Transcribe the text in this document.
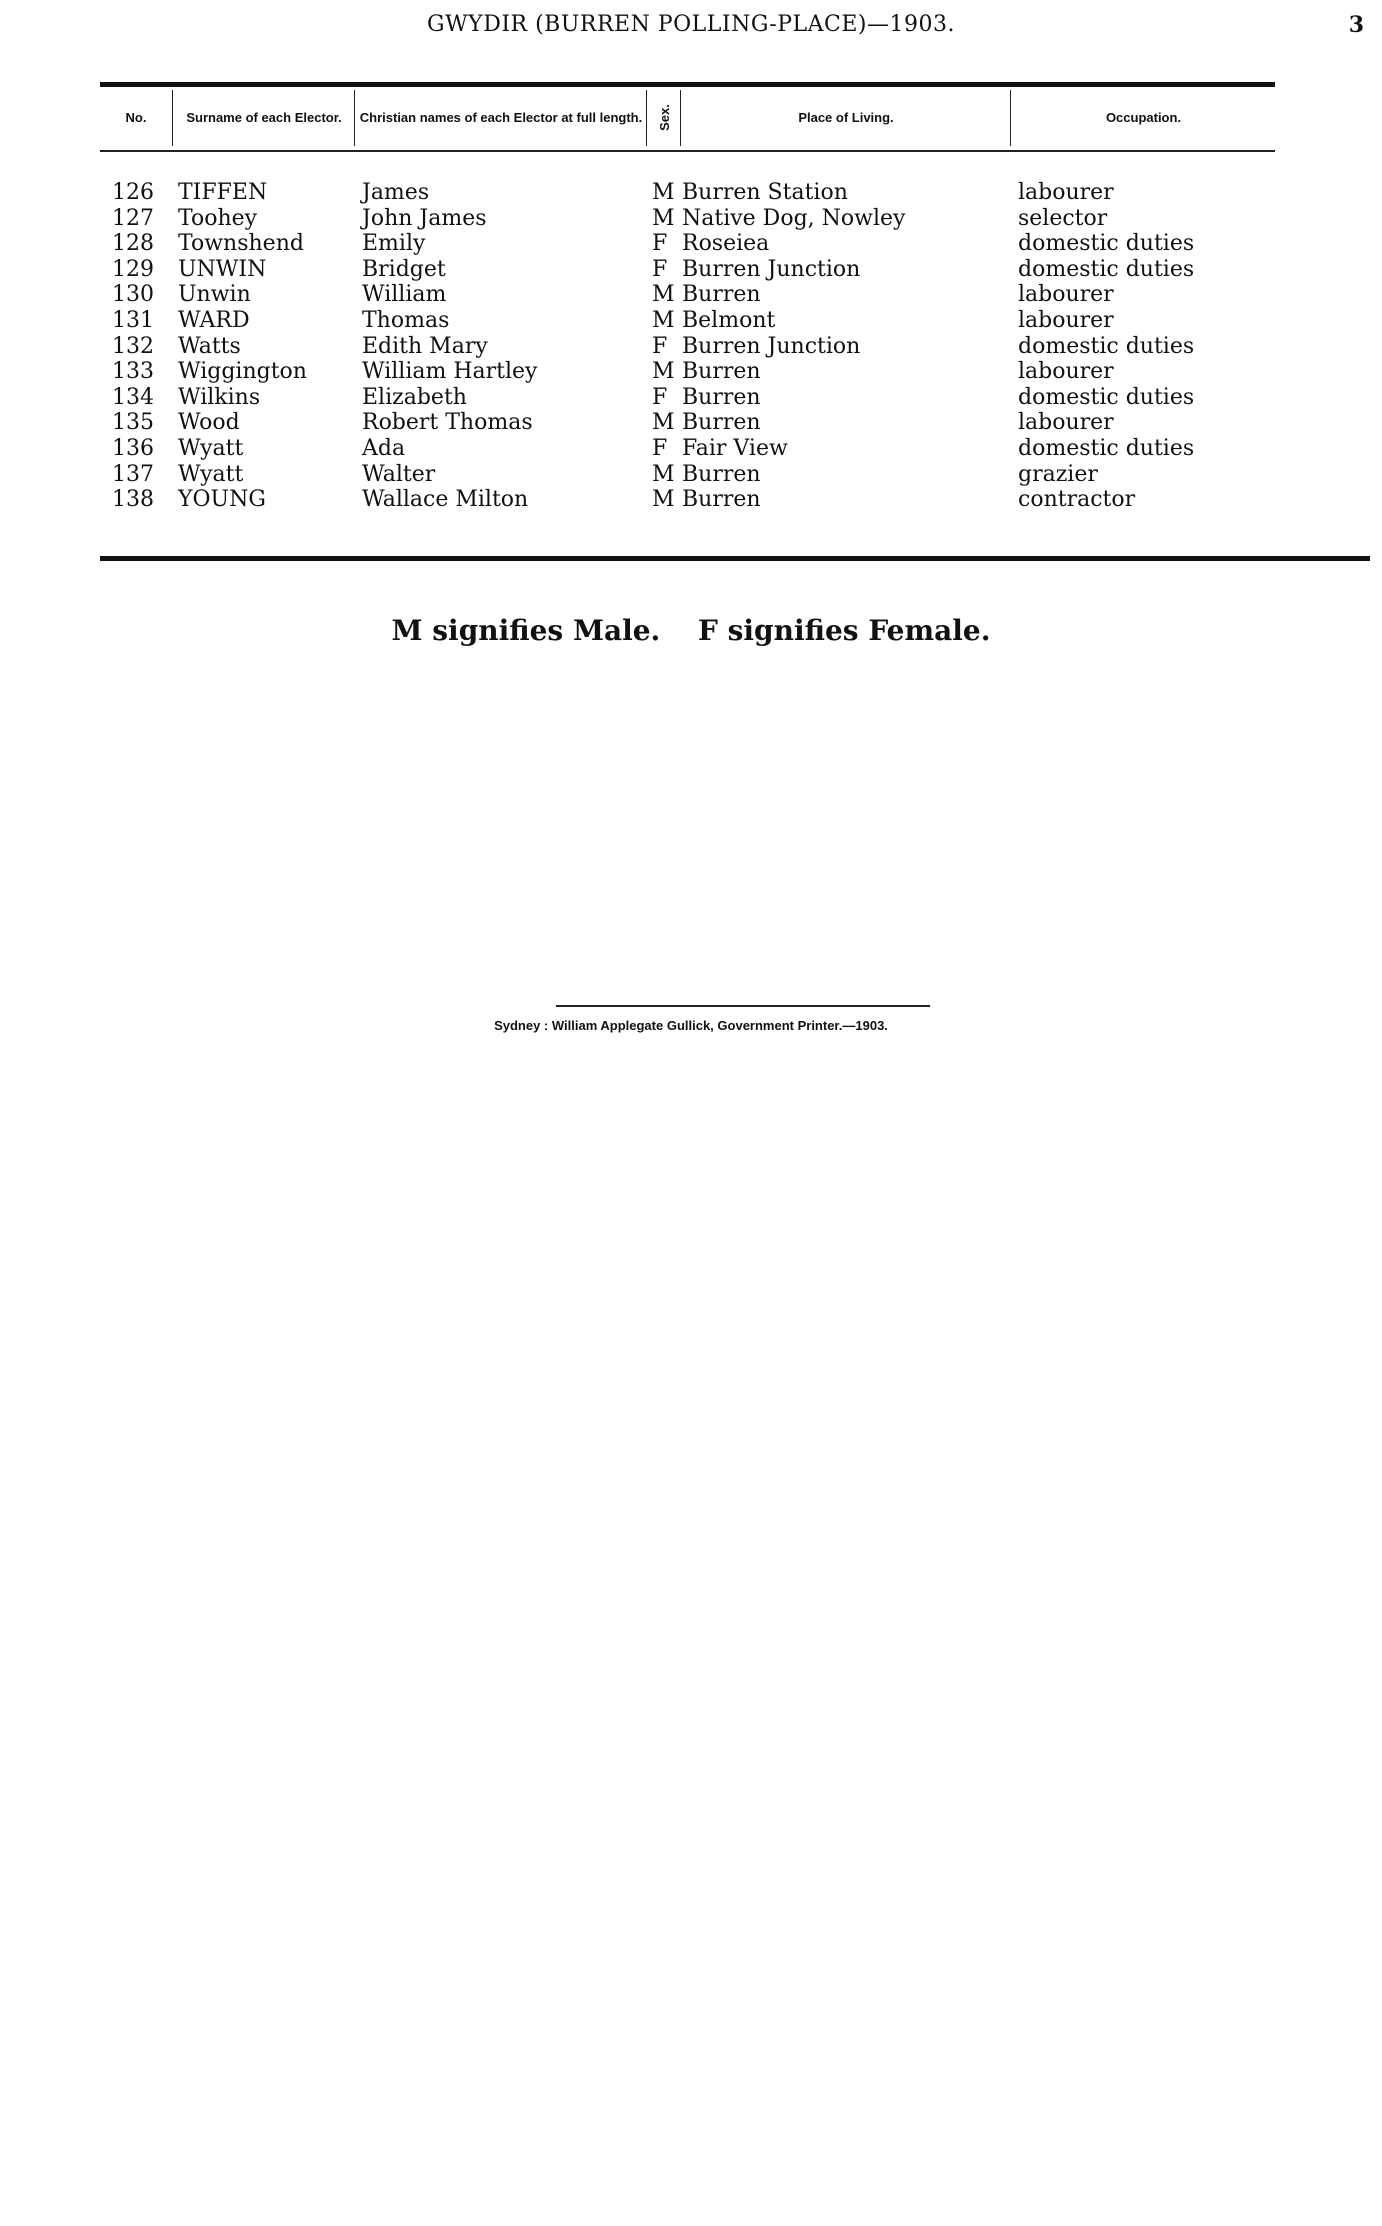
GWYDIR (BURREN POLLING-PLACE)—1903.	3
No.	Surname of each Elector.	Christian names of each Elector at full length. Sex.	Place of Living.	Occupation.
126	TIFFEN	James	M Burren Station	labourer
127	Toohey	John James	M Native Dog, Nowley	selector
128	Townshend	Emily	F Roseiea	domestic duties
129	UNWIN	Bridget	F Burren Junction	domestic duties
130	Unwin	William	M Burren	labourer
131	WARD	Thomas	M Belmont	labourer
132	Watts	Edith Mary	F Burren Junction	domestic duties
133	Wiggington	William Hartley	M Burren	labourer
134	Wilkins	Elizabeth	F Burren	domestic duties
135	Wood	Robert Thomas	M Burren	labourer
136	Wyatt	Ada	F Fair View	domestic duties
137	Wyatt	Walter	M Burren	grazier
138	YOUNG	Wallace Milton	M Burren	contractor
M signifies Male. F signifies Female.
Sydney : William Applegate Gullick, Government Printer.—1903.
